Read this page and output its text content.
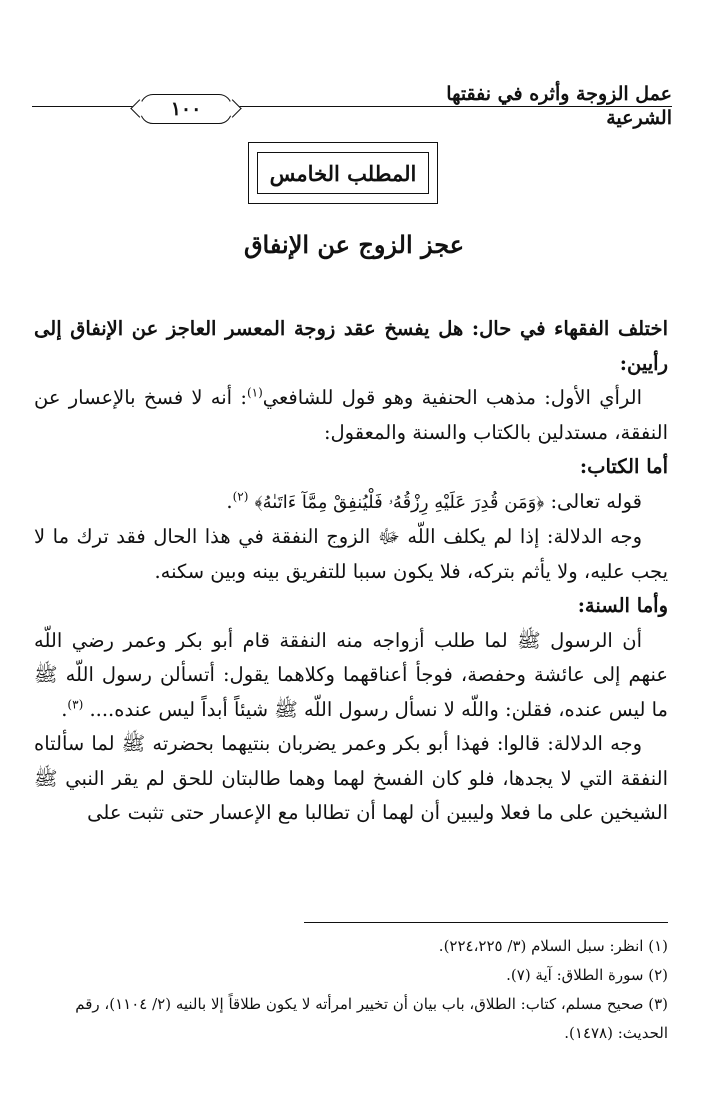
عمل الزوجة وأثره في نفقتها الشرعية
١٠٠
المطلب الخامس
عجز الزوج عن الإنفاق

اختلف الفقهاء في حال: هل يفسخ عقد زوجة المعسر العاجز عن الإنفاق إلى رأيين:

الرأي الأول: مذهب الحنفية وهو قول للشافعي$^{(١)}$: أنه لا فسخ بالإعسار عن النفقة، مستدلين بالكتاب والسنة والمعقول:

أما الكتاب:

قوله تعالى: ﴿وَمَن قُدِرَ عَلَيْهِ رِزْقُهُۥ فَلْيُنفِقْ مِمَّآ ءَاتَىٰهُ﴾ $^{(٢)}$.

وجه الدلالة: إذا لم يكلف اللّه ﷻ الزوج النفقة في هذا الحال فقد ترك ما لا يجب عليه، ولا يأثم بتركه، فلا يكون سببا للتفريق بينه وبين سكنه.

وأما السنة:

أن الرسول ﷺ لما طلب أزواجه منه النفقة قام أبو بكر وعمر رضي اللّه عنهم إلى عائشة وحفصة، فوجأ أعناقهما وكلاهما يقول: أتسألن رسول اللّه ﷺ ما ليس عنده، فقلن: واللّه لا نسأل رسول اللّه ﷺ شيئاً أبداً ليس عنده.... $^{(٣)}$.

وجه الدلالة: قالوا: فهذا أبو بكر وعمر يضربان بنتيهما بحضرته ﷺ لما سألتاه النفقة التي لا يجدها، فلو كان الفسخ لهما وهما طالبتان للحق لم يقر النبي ﷺ الشيخين على ما فعلا وليبين أن لهما أن تطالبا مع الإعسار حتى تثبت على

(١) انظر: سبل السلام (٣/ ٢٢٤،٢٢٥).

(٢) سورة الطلاق: آية (٧).

(٣) صحيح مسلم، كتاب: الطلاق، باب بيان أن تخيير امرأته لا يكون طلاقاً إلا بالنيه (٢/ ١١٠٤)، رقم الحديث: (١٤٧٨).
